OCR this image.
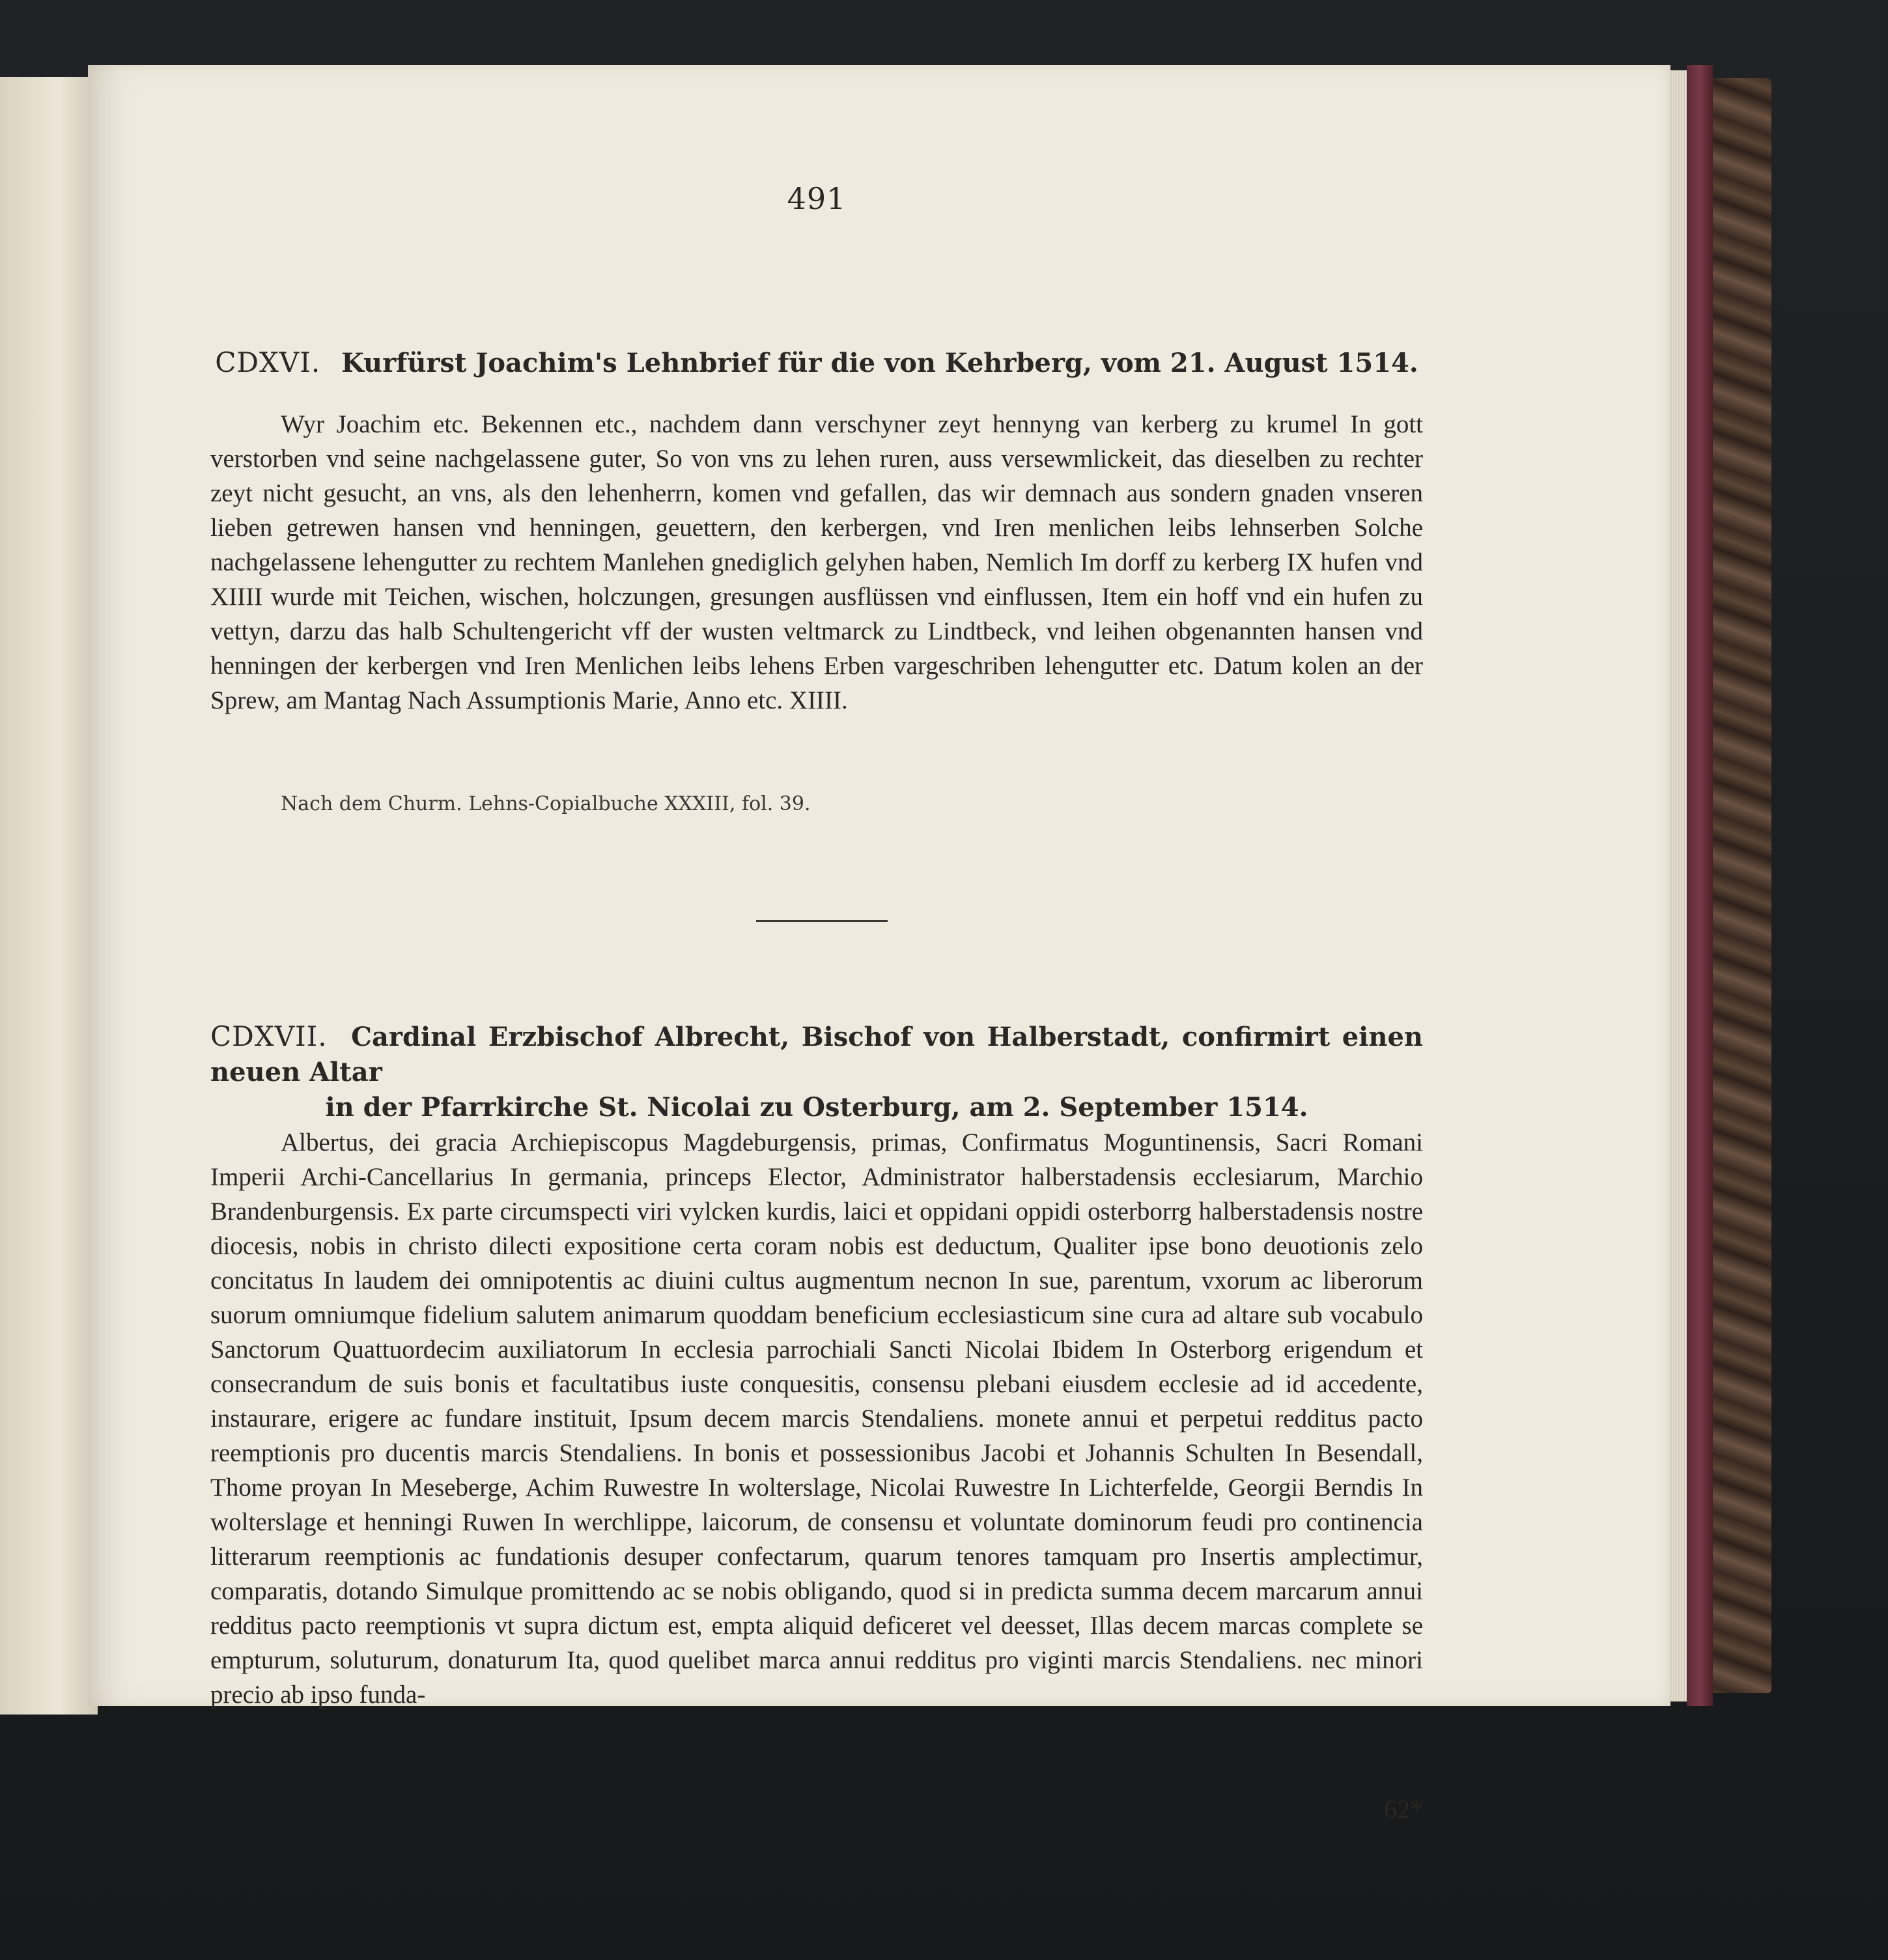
491
CDXVI. Kurfürst Joachim's Lehnbrief für die von Kehrberg, vom 21. August 1514.
Wyr Joachim etc. Bekennen etc., nachdem dann verschyner zeyt hennyng van kerberg zu krumel In gott verstorben vnd seine nachgelassene guter, So von vns zu lehen ruren, auss versewmlickeit, das dieselben zu rechter zeyt nicht gesucht, an vns, als den lehenherrn, komen vnd gefallen, das wir demnach aus sondern gnaden vnseren lieben getrewen hansen vnd henningen, geuettern, den kerbergen, vnd Iren menlichen leibs lehnserben Solche nachgelassene lehengutter zu rechtem Manlehen gnediglich gelyhen haben, Nemlich Im dorff zu kerberg IX hufen vnd XIIII wurde mit Teichen, wischen, holczungen, gresungen ausflüssen vnd einflussen, Item ein hoff vnd ein hufen zu vettyn, darzu das halb Schultengericht vff der wusten veltmarck zu Lindtbeck, vnd leihen obgenannten hansen vnd henningen der kerbergen vnd Iren Menlichen leibs lehens Erben vargeschriben lehengutter etc. Datum kolen an der Sprew, am Mantag Nach Assumptionis Marie, Anno etc. XIIII.
Nach dem Churm. Lehns-Copialbuche XXXIII, fol. 39.
CDXVII. Cardinal Erzbischof Albrecht, Bischof von Halberstadt, confirmirt einen neuen Altar
in der Pfarrkirche St. Nicolai zu Osterburg, am 2. September 1514.
Albertus, dei gracia Archiepiscopus Magdeburgensis, primas, Confirmatus Moguntinensis, Sacri Romani Imperii Archi-Cancellarius In germania, princeps Elector, Administrator halberstadensis ecclesiarum, Marchio Brandenburgensis. Ex parte circumspecti viri vylcken kurdis, laici et oppidani oppidi osterborrg halberstadensis nostre diocesis, nobis in christo dilecti expositione certa coram nobis est deductum, Qualiter ipse bono deuotionis zelo concitatus In laudem dei omnipotentis ac diuini cultus augmentum necnon In sue, parentum, vxorum ac liberorum suorum omniumque fidelium salutem animarum quoddam beneficium ecclesiasticum sine cura ad altare sub vocabulo Sanctorum Quattuordecim auxiliatorum In ecclesia parrochiali Sancti Nicolai Ibidem In Osterborg erigendum et consecrandum de suis bonis et facultatibus iuste conquesitis, consensu plebani eiusdem ecclesie ad id accedente, instaurare, erigere ac fundare instituit, Ipsum decem marcis Stendaliens. monete annui et perpetui redditus pacto reemptionis pro ducentis marcis Stendaliens. In bonis et possessionibus Jacobi et Johannis Schulten In Besendall, Thome proyan In Meseberge, Achim Ruwestre In wolterslage, Nicolai Ruwestre In Lichterfelde, Georgii Berndis In wolterslage et henningi Ruwen In werchlippe, laicorum, de consensu et voluntate dominorum feudi pro continencia litterarum reemptionis ac fundationis desuper confectarum, quarum tenores tamquam pro Insertis amplectimur, comparatis, dotando Simulque promittendo ac se nobis obligando, quod si in predicta summa decem marcarum annui redditus pacto reemptionis vt supra dictum est, empta aliquid deficeret vel deesset, Illas decem marcas complete se empturum, soluturum, donaturum Ita, quod quelibet marca annui redditus pro viginti marcis Stendaliens. nec minori precio ab ipso funda-
62*
